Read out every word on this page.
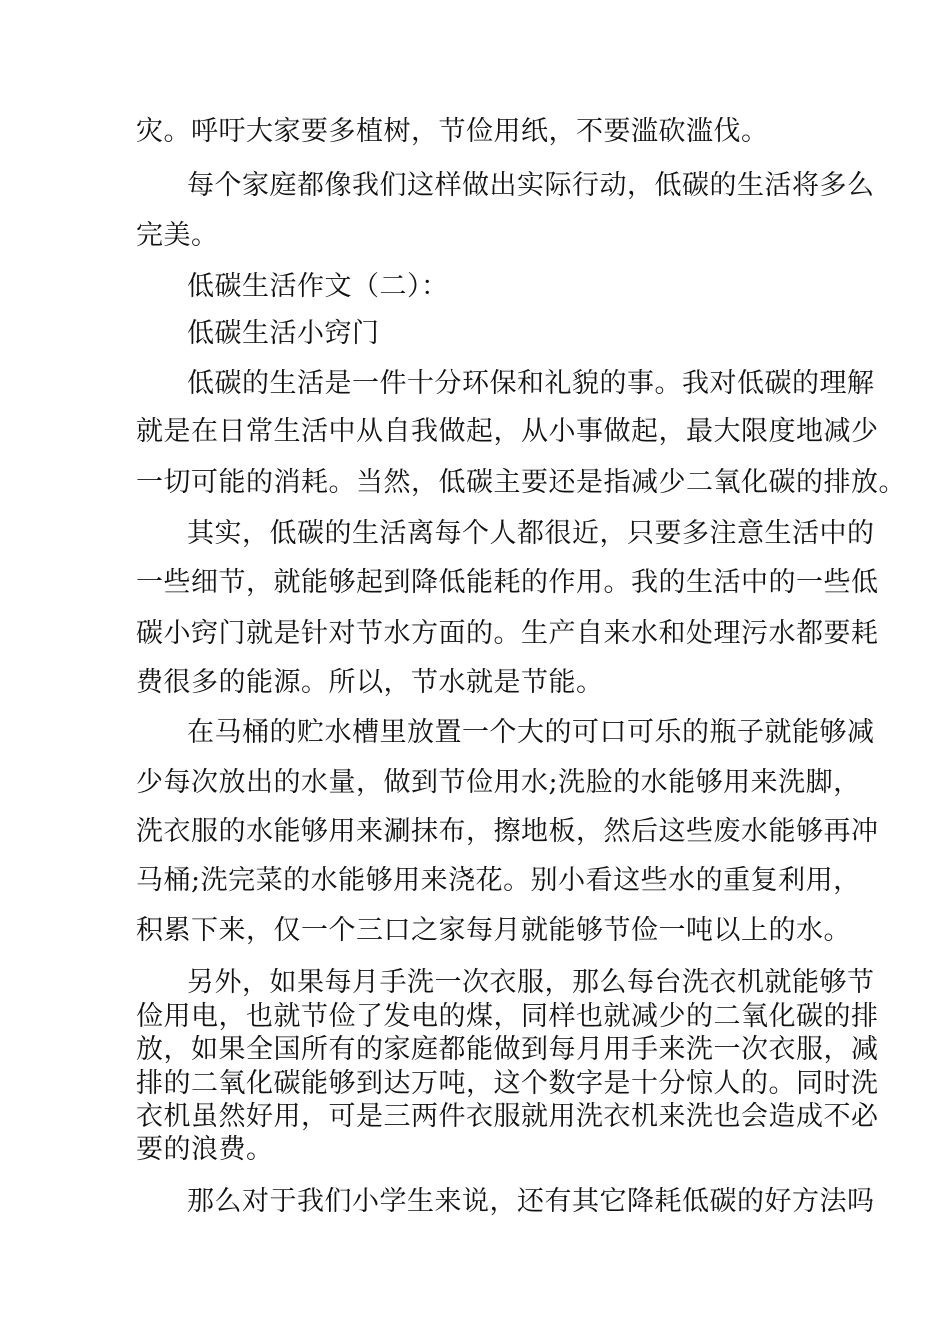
灾。呼吁大家要多植树，节俭用纸，不要滥砍滥伐。
每个家庭都像我们这样做出实际行动，低碳的生活将多么
完美。
低碳生活作文（二）：
低碳生活小窍门
低碳的生活是一件十分环保和礼貌的事。我对低碳的理解
就是在日常生活中从自我做起，从小事做起，最大限度地减少
一切可能的消耗。当然，低碳主要还是指减少二氧化碳的排放。
其实，低碳的生活离每个人都很近，只要多注意生活中的
一些细节，就能够起到降低能耗的作用。我的生活中的一些低
碳小窍门就是针对节水方面的。生产自来水和处理污水都要耗
费很多的能源。所以，节水就是节能。
在马桶的贮水槽里放置一个大的可口可乐的瓶子就能够减
少每次放出的水量，做到节俭用水;洗脸的水能够用来洗脚，
洗衣服的水能够用来涮抹布，擦地板，然后这些废水能够再冲
马桶;洗完菜的水能够用来浇花。别小看这些水的重复利用，
积累下来，仅一个三口之家每月就能够节俭一吨以上的水。
另外，如果每月手洗一次衣服，那么每台洗衣机就能够节
俭用电，也就节俭了发电的煤，同样也就减少的二氧化碳的排
放，如果全国所有的家庭都能做到每月用手来洗一次衣服，减
排的二氧化碳能够到达万吨，这个数字是十分惊人的。同时洗
衣机虽然好用，可是三两件衣服就用洗衣机来洗也会造成不必
要的浪费。
那么对于我们小学生来说，还有其它降耗低碳的好方法吗
